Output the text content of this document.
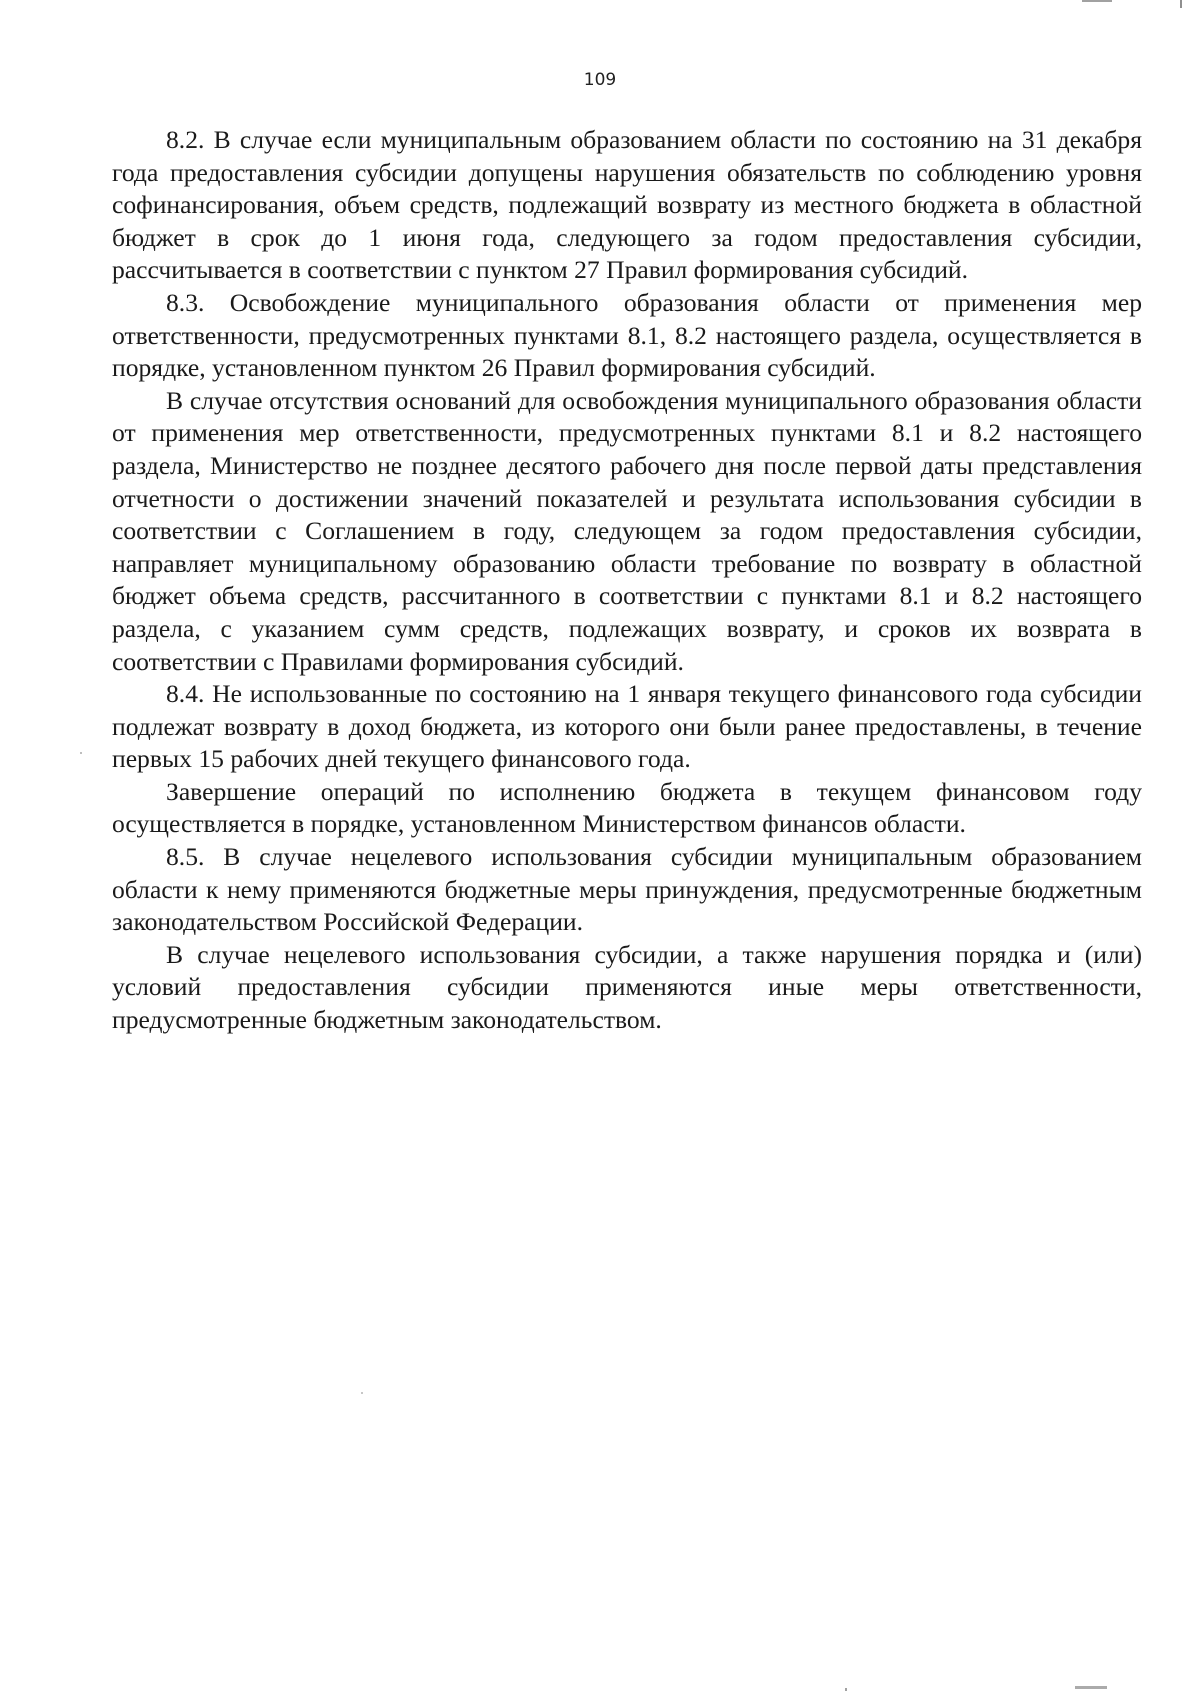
109

8.2. В случае если муниципальным образованием области по состоянию на 31 декабря года предоставления субсидии допущены нарушения обязательств по соблюдению уровня софинансирования, объем средств, подлежащий возврату из местного бюджета в областной бюджет в срок до 1 июня года, следующего за годом предоставления субсидии, рассчитывается в соответствии с пунктом 27 Правил формирования субсидий.

8.3. Освобождение муниципального образования области от применения мер ответственности, предусмотренных пунктами 8.1, 8.2 настоящего раздела, осуществляется в порядке, установленном пунктом 26 Правил формирования субсидий.

В случае отсутствия оснований для освобождения муниципального образования области от применения мер ответственности, предусмотренных пунктами 8.1 и 8.2 настоящего раздела, Министерство не позднее десятого рабочего дня после первой даты представления отчетности о достижении значений показателей и результата использования субсидии в соответствии с Соглашением в году, следующем за годом предоставления субсидии, направляет муниципальному образованию области требование по возврату в областной бюджет объема средств, рассчитанного в соответствии с пунктами 8.1 и 8.2 настоящего раздела, с указанием сумм средств, подлежащих возврату, и сроков их возврата в соответствии с Правилами формирования субсидий.

8.4. Не использованные по состоянию на 1 января текущего финансового года субсидии подлежат возврату в доход бюджета, из которого они были ранее предоставлены, в течение первых 15 рабочих дней текущего финансового года.

Завершение операций по исполнению бюджета в текущем финансовом году осуществляется в порядке, установленном Министерством финансов области.

8.5. В случае нецелевого использования субсидии муниципальным образованием области к нему применяются бюджетные меры принуждения, предусмотренные бюджетным законодательством Российской Федерации.

В случае нецелевого использования субсидии, а также нарушения порядка и (или) условий предоставления субсидии применяются иные меры ответственности, предусмотренные бюджетным законодательством.
